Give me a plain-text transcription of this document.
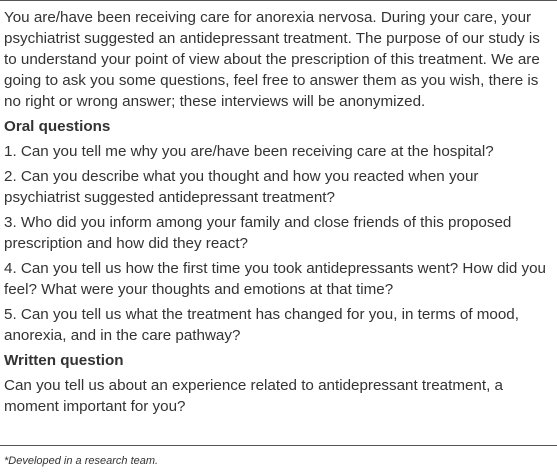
You are/have been receiving care for anorexia nervosa. During your care, your psychiatrist suggested an antidepressant treatment. The purpose of our study is to understand your point of view about the prescription of this treatment. We are going to ask you some questions, feel free to answer them as you wish, there is no right or wrong answer; these interviews will be anonymized.

Oral questions

1. Can you tell me why you are/have been receiving care at the hospital?

2. Can you describe what you thought and how you reacted when your psychiatrist suggested antidepressant treatment?

3. Who did you inform among your family and close friends of this proposed prescription and how did they react?

4. Can you tell us how the first time you took antidepressants went? How did you feel? What were your thoughts and emotions at that time?

5. Can you tell us what the treatment has changed for you, in terms of mood, anorexia, and in the care pathway?

Written question

Can you tell us about an experience related to antidepressant treatment, a moment important for you?

*Developed in a research team.
